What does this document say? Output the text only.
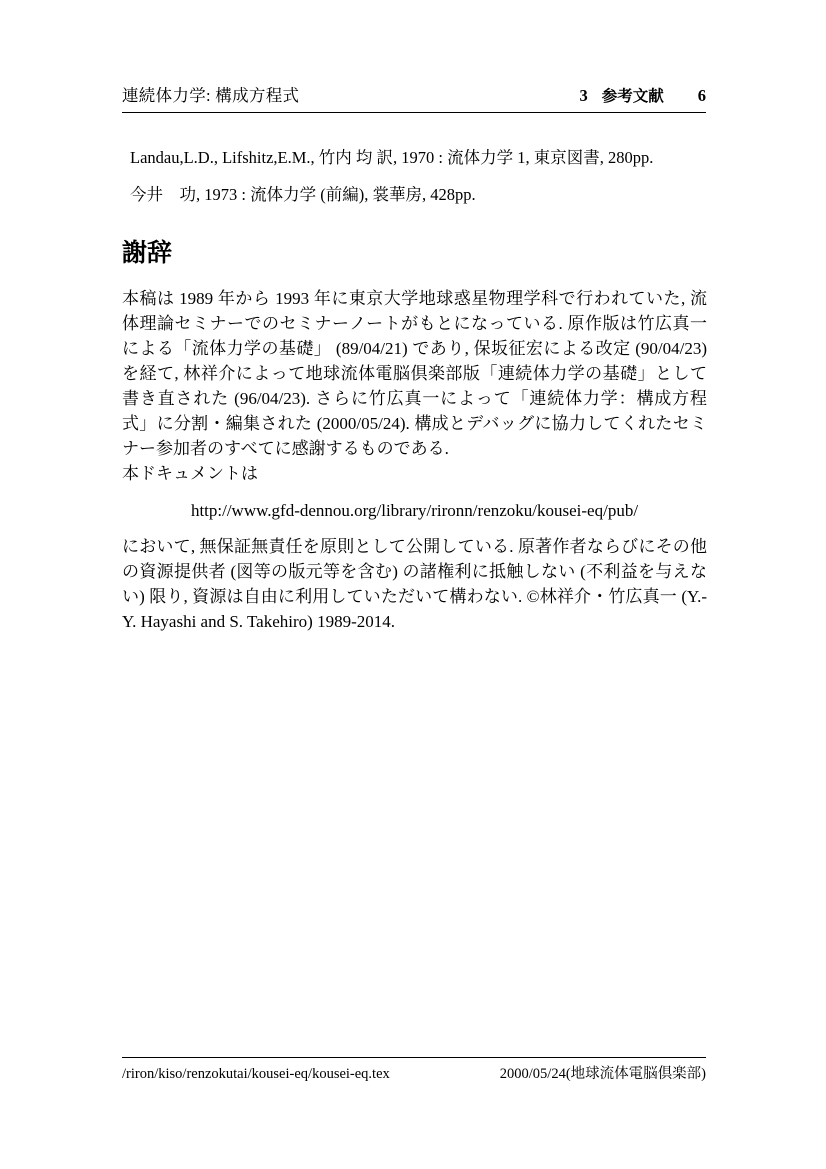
連続体力学: 構成方程式	3 参考文献 6

Landau,L.D., Lifshitz,E.M., 竹内 均 訳, 1970 : 流体力学 1, 東京図書, 280pp.

今井　功, 1973 : 流体力学 (前編), 裳華房, 428pp.

謝辞

本稿は 1989 年から 1993 年に東京大学地球惑星物理学科で行われていた, 流体理論セミナーでのセミナーノートがもとになっている. 原作版は竹広真一による「流体力学の基礎」 (89/04/21) であり, 保坂征宏による改定 (90/04/23) を経て, 林祥介によって地球流体電脳倶楽部版「連続体力学の基礎」として書き直された (96/04/23). さらに竹広真一によって「連続体力学：構成方程式」に分割・編集された (2000/05/24). 構成とデバッグに協力してくれたセミナー参加者のすべてに感謝するものである.

本ドキュメントは

http://www.gfd-dennou.org/library/rironn/renzoku/kousei-eq/pub/

において, 無保証無責任を原則として公開している. 原著作者ならびにその他の資源提供者 (図等の版元等を含む) の諸権利に抵触しない (不利益を与えない) 限り, 資源は自由に利用していただいて構わない. ©林祥介・竹広真一 (Y.-Y. Hayashi and S. Takehiro) 1989-2014.

/riron/kiso/renzokutai/kousei-eq/kousei-eq.tex	2000/05/24(地球流体電脳倶楽部)
